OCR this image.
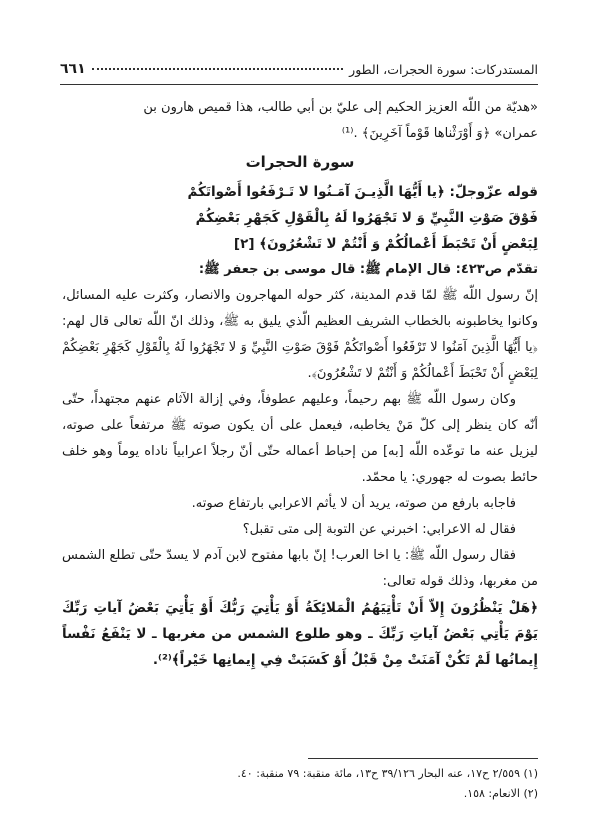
المستدركات: سورة الحجرات، الطور
٦٦١

«هديّة من اللّه العزيز الحكيم إلى عليّ بن أبي طالب، هذا قميص هارون بن

عمران» ﴿وَ أَوْرَثْناها قَوْماً آخَرِينَ﴾ .⁽¹⁾

سورة الحجرات

قوله عزّوجلّ: ﴿يا أَيُّهَا الَّذِيـنَ آمَـنُوا لا تَـرْفَعُوا أَصْواتَكُمْ

فَوْقَ صَوْتِ النَّبِيِّ وَ لا تَجْهَرُوا لَهُ بِالْقَوْلِ كَجَهْرِ بَعْضِكُمْ

لِبَعْضٍ أَنْ تَحْبَطَ أَعْمالُكُمْ وَ أَنْتُمْ لا تَشْعُرُونَ﴾ [٢]

تقدّم ص٤٢٣: قال الإمام ﷺ: قال موسى بن جعفر ﷺ:

إنّ رسول اللّه ﷺ لمّا قدم المدينة، كثر حوله المهاجرون والانصار، وكثرت عليه المسائل، وكانوا يخاطبونه بالخطاب الشريف العظيم الّذي يليق به ﷺ، وذلك انّ اللّه تعالى قال لهم: ﴿يا أَيُّهَا الَّذِينَ آمَنُوا لا تَرْفَعُوا أَصْواتَكُمْ فَوْقَ صَوْتِ النَّبِيِّ وَ لا تَجْهَرُوا لَهُ بِالْقَوْلِ كَجَهْرِ بَعْضِكُمْ لِبَعْضٍ أَنْ تَحْبَطَ أَعْمالُكُمْ وَ أَنْتُمْ لا تَشْعُرُونَ﴾.

وكان رسول اللّه ﷺ بهم رحيماً، وعليهم عطوفاً، وفي إزالة الآثام عنهم مجتهداً، حتّى أنّه كان ينظر إلى كلّ مَنْ يخاطبه، فيعمل على أن يكون صوته ﷺ مرتفعاً على صوته، ليزيل عنه ما توعّده اللّه [به] من إحباط أعماله حتّى أنّ رجلاً اعرابياً ناداه يوماً وهو خلف حائط بصوت له جهوري: يا محمّد.

فاجابه بارفع من صوته، يريد أن لا يأثم الاعرابي بارتفاع صوته.

فقال له الاعرابي: اخبرني عن التوبة إلى متى تقبل؟

فقال رسول اللّه ﷺ: يا اخا العرب! إنّ بابها مفتوح لابن آدم لا يسدّ حتّى تطلع الشمس من مغربها، وذلك قوله تعالى:

﴿هَلْ يَنْظُرُونَ إِلاّ أَنْ تَأْتِيَهُمُ الْمَلائِكَةُ أَوْ يَأْتِيَ رَبُّكَ أَوْ يَأْتِيَ بَعْضُ آياتِ رَبِّكَ يَوْمَ يَأْتِي بَعْضُ آياتِ رَبِّكَ ـ وهو طلوع الشمس من مغربها ـ لا يَنْفَعُ نَفْساً إِيمانُها لَمْ تَكُنْ آمَنَتْ مِنْ قَبْلُ أَوْ كَسَبَتْ فِي إِيمانِها خَيْراً﴾⁽²⁾.

(١) ٢/٥٥٩ ح١٧، عنه البحار ٣٩/١٢٦ ح١٣، مائة منقبة: ٧٩ منقبة: ٤٠.
(٢) الانعام: ١٥٨.
